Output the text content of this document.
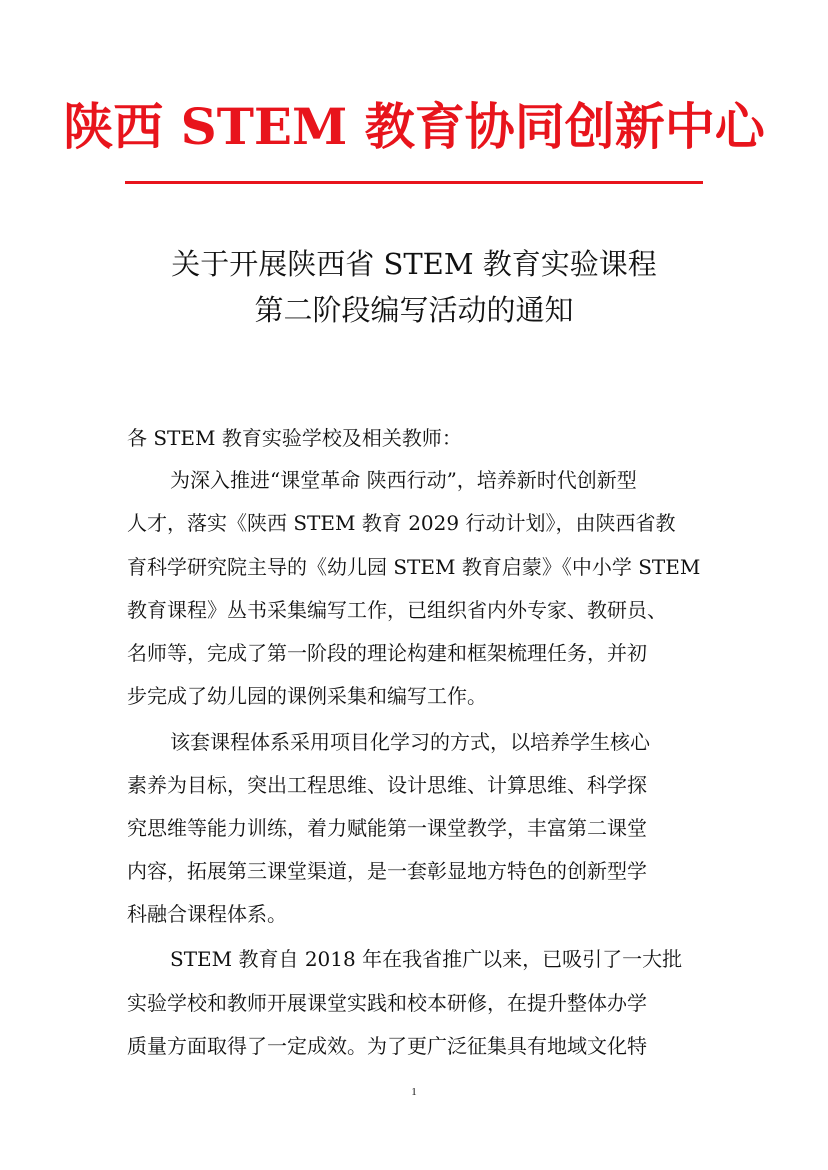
陕西 STEM 教育协同创新中心
关于开展陕西省 STEM 教育实验课程
第二阶段编写活动的通知
各 STEM 教育实验学校及相关教师：
为深入推进“课堂革命 陕西行动”，培养新时代创新型
人才，落实《陕西 STEM 教育 2029 行动计划》，由陕西省教
育科学研究院主导的《幼儿园 STEM 教育启蒙》《中小学 STEM
教育课程》丛书采集编写工作，已组织省内外专家、教研员、
名师等，完成了第一阶段的理论构建和框架梳理任务，并初
步完成了幼儿园的课例采集和编写工作。
该套课程体系采用项目化学习的方式，以培养学生核心
素养为目标，突出工程思维、设计思维、计算思维、科学探
究思维等能力训练，着力赋能第一课堂教学，丰富第二课堂
内容，拓展第三课堂渠道，是一套彰显地方特色的创新型学
科融合课程体系。
STEM 教育自 2018 年在我省推广以来，已吸引了一大批
实验学校和教师开展课堂实践和校本研修，在提升整体办学
质量方面取得了一定成效。为了更广泛征集具有地域文化特
1
